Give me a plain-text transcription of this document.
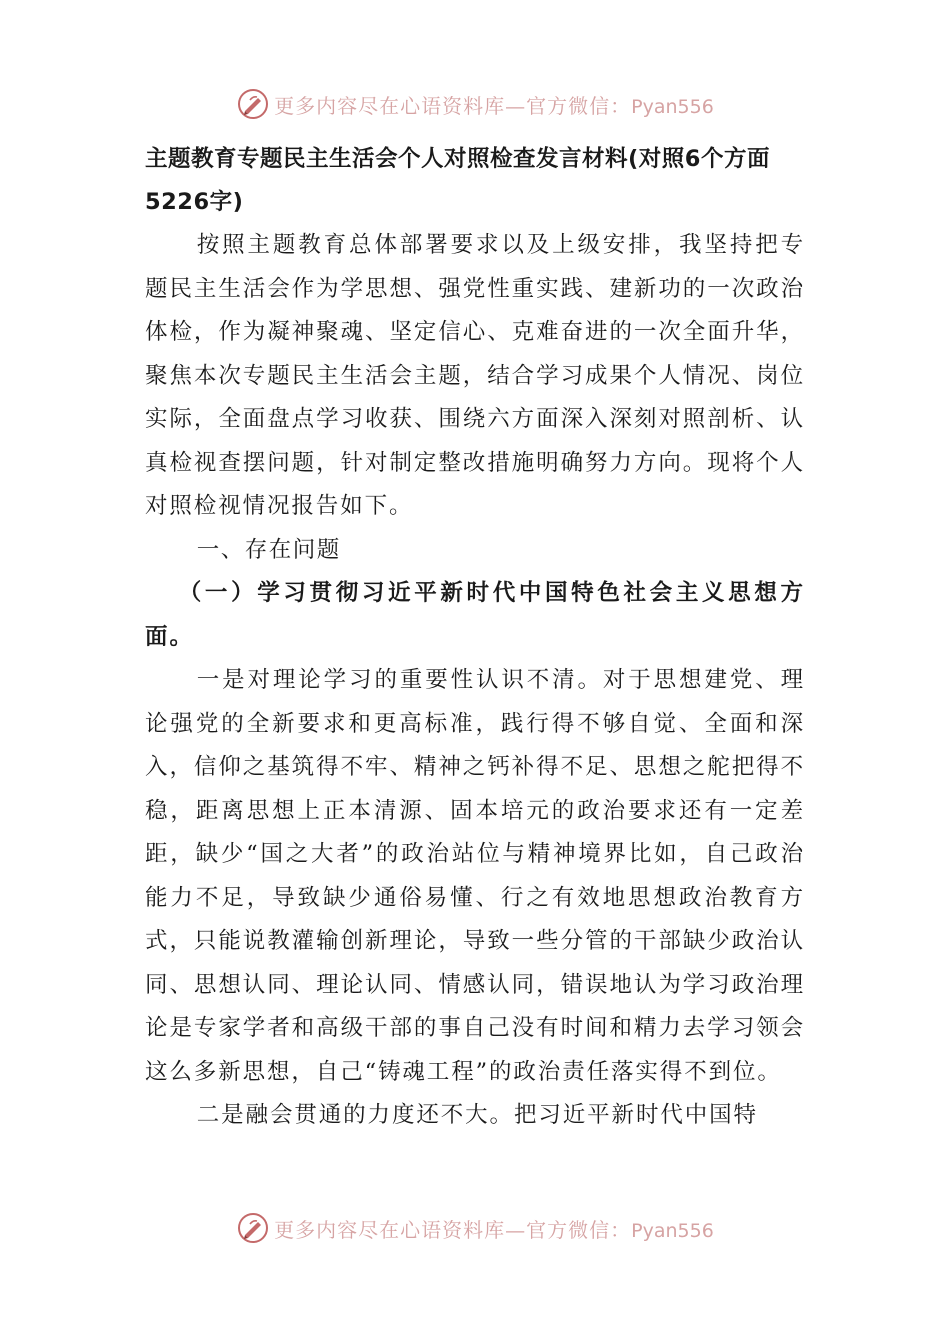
更多内容尽在心语资料库—官方微信：Pyan556

主题教育专题民主生活会个人对照检查发言材料(对照6个方面5226字)

按照主题教育总体部署要求以及上级安排，我坚持把专题民主生活会作为学思想、强党性重实践、建新功的一次政治体检，作为凝神聚魂、坚定信心、克难奋进的一次全面升华，聚焦本次专题民主生活会主题，结合学习成果个人情况、岗位实际，全面盘点学习收获、围绕六方面深入深刻对照剖析、认真检视查摆问题，针对制定整改措施明确努力方向。现将个人对照检视情况报告如下。

一、存在问题

（一）学习贯彻习近平新时代中国特色社会主义思想方面。

一是对理论学习的重要性认识不清。对于思想建党、理论强党的全新要求和更高标准，践行得不够自觉、全面和深入，信仰之基筑得不牢、精神之钙补得不足、思想之舵把得不稳，距离思想上正本清源、固本培元的政治要求还有一定差距，缺少“国之大者”的政治站位与精神境界比如，自己政治能力不足，导致缺少通俗易懂、行之有效地思想政治教育方式，只能说教灌输创新理论，导致一些分管的干部缺少政治认同、思想认同、理论认同、情感认同，错误地认为学习政治理论是专家学者和高级干部的事自己没有时间和精力去学习领会这么多新思想，自己“铸魂工程”的政治责任落实得不到位。

二是融会贯通的力度还不大。把习近平新时代中国特

更多内容尽在心语资料库—官方微信：Pyan556
